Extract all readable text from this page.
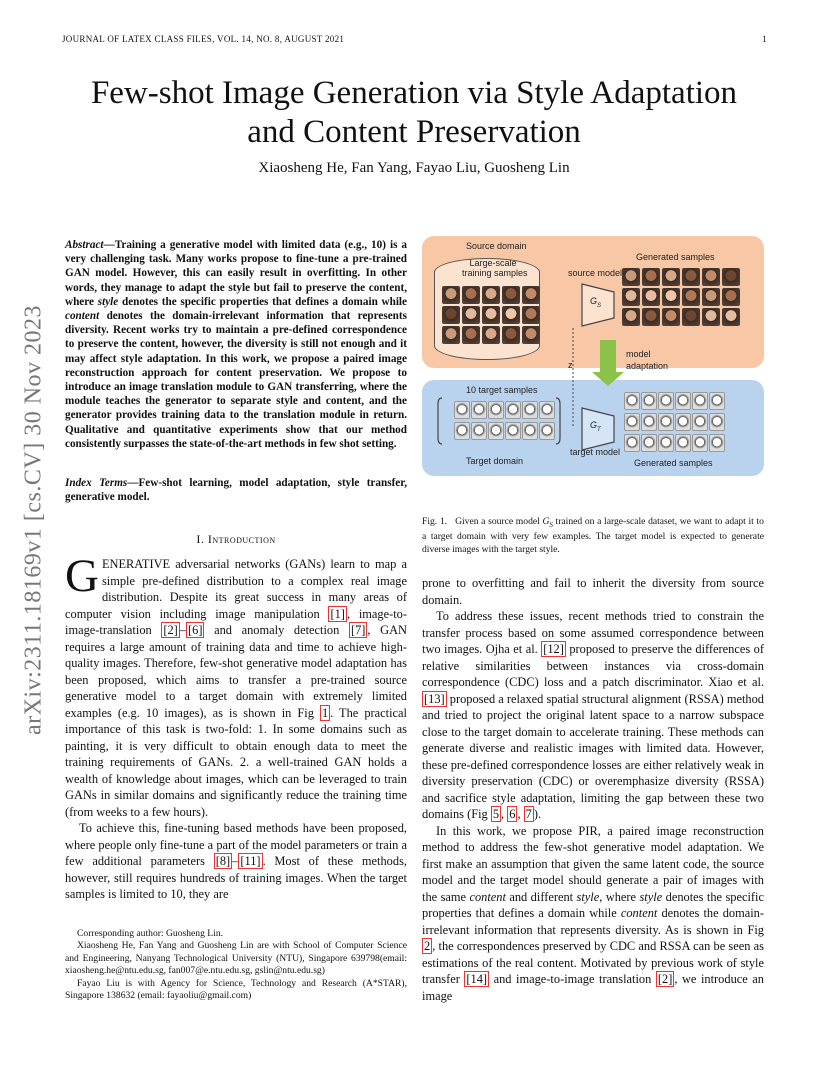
JOURNAL OF LATEX CLASS FILES, VOL. 14, NO. 8, AUGUST 2021	1
Few-shot Image Generation via Style Adaptation
and Content Preservation
Xiaosheng He, Fan Yang, Fayao Liu, Guosheng Lin
arXiv:2311.18169v1 [cs.CV] 30 Nov 2023
Abstract—Training a generative model with limited data (e.g., 10) is a very challenging task. Many works propose to fine-tune a pre-trained GAN model. However, this can easily result in overfitting. In other words, they manage to adapt the style but fail to preserve the content, where style denotes the specific properties that defines a domain while content denotes the domain-irrelevant information that represents diversity. Recent works try to maintain a pre-defined correspondence to preserve the content, however, the diversity is still not enough and it may affect style adaptation. In this work, we propose a paired image reconstruction approach for content preservation. We propose to introduce an image translation module to GAN transferring, where the module teaches the generator to separate style and content, and the generator provides training data to the translation module in return. Qualitative and quantitative experiments show that our method consistently surpasses the state-of-the-art methods in few shot setting.
Index Terms—Few-shot learning, model adaptation, style transfer, generative model.
I. Introduction

GENERATIVE adversarial networks (GANs) learn to map a simple pre-defined distribution to a complex real image distribution. Despite its great success in many areas of computer vision including image manipulation [1] , image-to-image-translation [2] – [6] and anomaly detection [7] , GAN requires a large amount of training data and time to achieve high-quality images. Therefore, few-shot generative model adaptation has been proposed, which aims to transfer a pre-trained source generative model to a target domain with extremely limited examples (e.g. 10 images), as is shown in Fig 1 . The practical importance of this task is two-fold: 1. In some domains such as painting, it is very difficult to obtain enough data to meet the training requirements of GANs. 2. a well-trained GAN holds a wealth of knowledge about images, which can be leveraged to train GANs in similar domains and significantly reduce the training time (from weeks to a few hours).

To achieve this, fine-tuning based methods have been proposed, where people only fine-tune a part of the model parameters or train a few additional parameters [8] – [11] . Most of these methods, however, still requires hundreds of training images. When the target samples is limited to 10, they are

Corresponding author: Guosheng Lin.

Xiaosheng He, Fan Yang and Guosheng Lin are with School of Computer Science and Engineering, Nanyang Technological University (NTU), Singapore 639798(email: xiaosheng.he@ntu.edu.sg, fan007@e.ntu.edu.sg, gslin@ntu.edu.sg)

Fayao Liu is with Agency for Science, Technology and Research (A*STAR), Singapore 138632 (email: fayaoliu@gmail.com)

Source domain
Large-scale
training samples	source model
$G_S$
Generated samples
z
model
adaptation
10 target samples
$G_T$
target model
Target domain	Generated samples
Fig. 1. Given a source model $G_S$ trained on a large-scale dataset, we want to adapt it to a target domain with very few examples. The target model is expected to generate diverse images with the target style.

prone to overfitting and fail to inherit the diversity from source domain.

To address these issues, recent methods tried to constrain the transfer process based on some assumed correspondence between two images. Ojha et al. [12] proposed to preserve the differences of relative similarities between instances via cross-domain correspondence (CDC) loss and a patch discriminator. Xiao et al. [13] proposed a relaxed spatial structural alignment (RSSA) method and tried to project the original latent space to a narrow subspace close to the target domain to accelerate training. These methods can generate diverse and realistic images with limited data. However, these pre-defined correspondence losses are either relatively weak in diversity preservation (CDC) or overemphasize diversity (RSSA) and sacrifice style adaptation, limiting the gap between these two domains (Fig 5 , 6 , 7 ).

In this work, we propose PIR, a paired image reconstruction method to address the few-shot generative model adaptation. We first make an assumption that given the same latent code, the source model and the target model should generate a pair of images with the same content and different style, where style denotes the specific properties that defines a domain while content denotes the domain-irrelevant information that represents diversity. As is shown in Fig 2 , the correspondences preserved by CDC and RSSA can be seen as estimations of the real content. Motivated by previous work of style transfer [14] and image-to-image translation [2] , we introduce an image
